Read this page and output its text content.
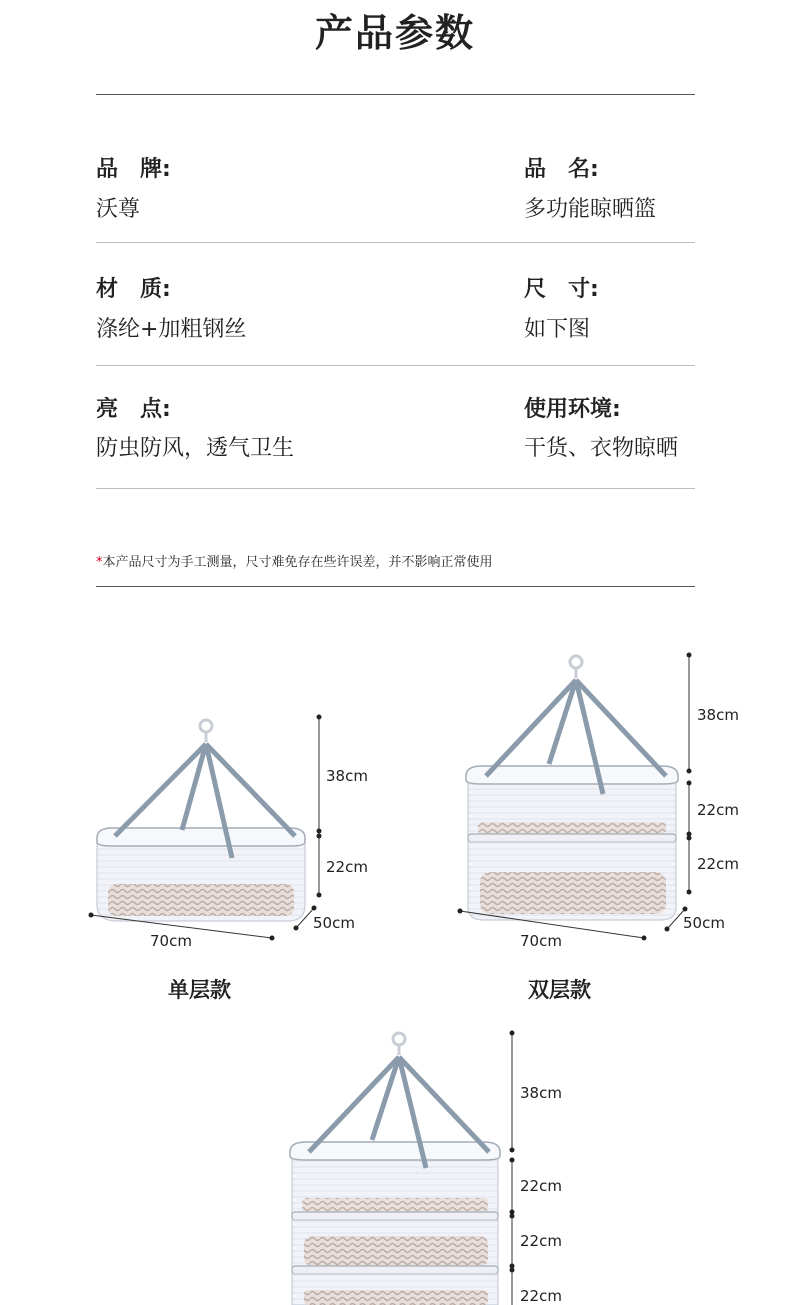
产品参数
品　牌:
沃尊
品　名:
多功能晾晒篮
材　质:
涤纶+加粗钢丝
尺　寸:
如下图
亮　点:
防虫防风，透气卫生
使用环境:
干货、衣物晾晒
*本产品尺寸为手工测量，尺寸难免存在些许误差，并不影响正常使用
38cm
22cm
70cm
50cm
38cm
22cm
22cm
70cm
50cm
38cm
22cm
22cm
22cm
单层款	双层款
